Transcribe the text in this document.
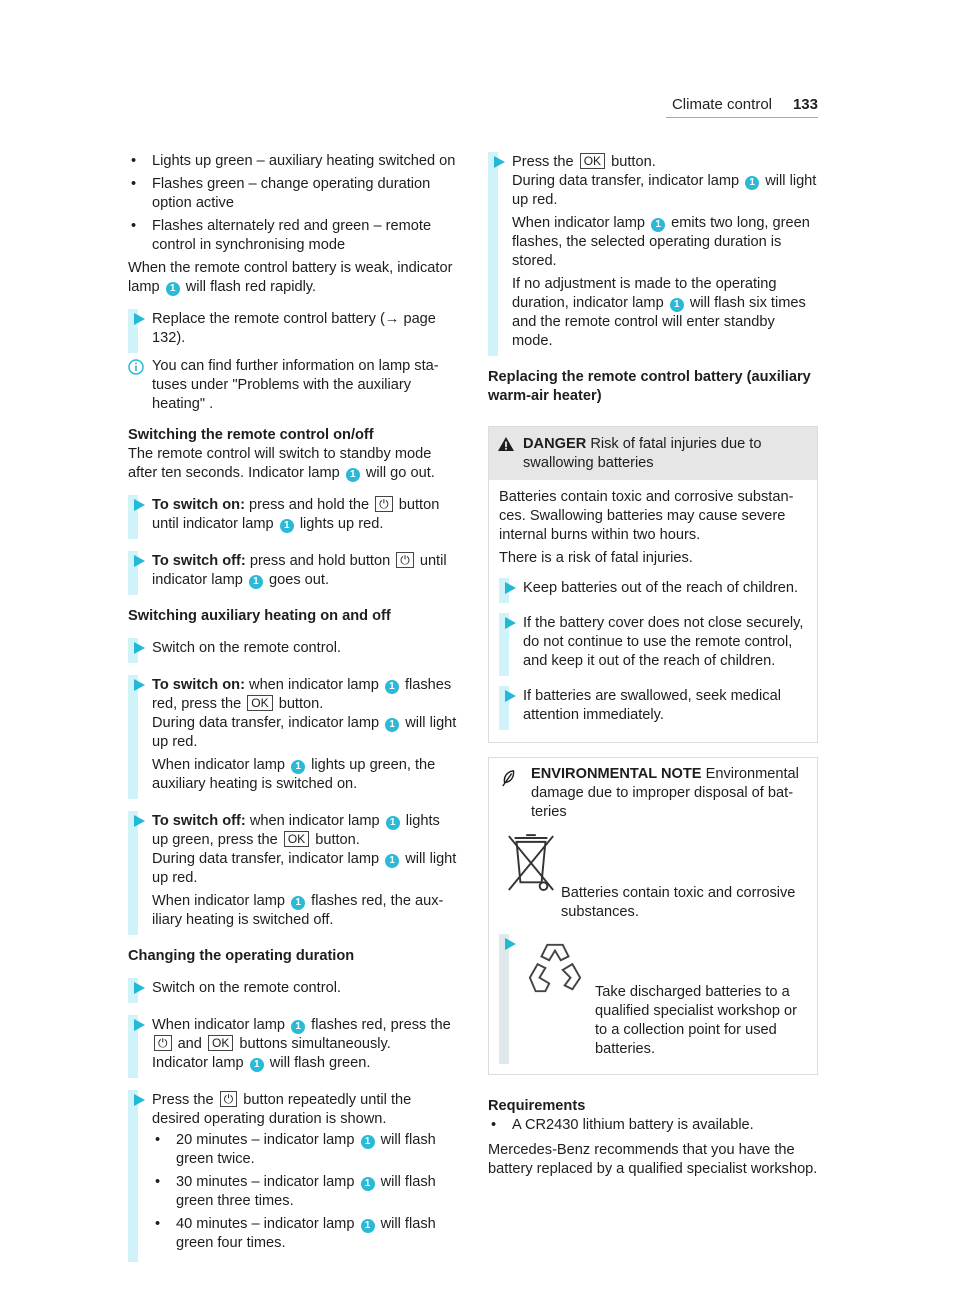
Climate control 133
• Lights up green – auxiliary heating switched on
• Flashes green – change operating duration option active
• Flashes alternately red and green – remote control in synchronising mode

When the remote control battery is weak, indicator lamp 1 will flash red rapidly.

Replace the remote control battery (→ page 132).

You can find further information on lamp statuses under "Problems with the auxiliary heating" .

Switching the remote control on/off

The remote control will switch to standby mode after ten seconds. Indicator lamp 1 will go out.

To switch on: press and hold the ⏻ button until indicator lamp 1 lights up red.

To switch off: press and hold button ⏻ until indicator lamp 1 goes out.

Switching auxiliary heating on and off

Switch on the remote control.

To switch on: when indicator lamp 1 flashes red, press the OK button.
During data transfer, indicator lamp 1 will light up red.

When indicator lamp 1 lights up green, the auxiliary heating is switched on.

To switch off: when indicator lamp 1 lights up green, press the OK button.
During data transfer, indicator lamp 1 will light up red.

When indicator lamp 1 flashes red, the auxiliary heating is switched off.

Changing the operating duration

Switch on the remote control.

When indicator lamp 1 flashes red, press the ⏻ and OK buttons simultaneously.
Indicator lamp 1 will flash green.

Press the ⏻ button repeatedly until the desired operating duration is shown.

• 20 minutes – indicator lamp 1 will flash green twice.
• 30 minutes – indicator lamp 1 will flash green three times.
• 40 minutes – indicator lamp 1 will flash green four times.

Press the OK button.
During data transfer, indicator lamp 1 will light up red.

When indicator lamp 1 emits two long, green flashes, the selected operating duration is stored.

If no adjustment is made to the operating duration, indicator lamp 1 will flash six times and the remote control will enter standby mode.

Replacing the remote control battery (auxiliary warm-air heater)

DANGER Risk of fatal injuries due to swallowing batteries

Batteries contain toxic and corrosive substances. Swallowing batteries may cause severe internal burns within two hours.

There is a risk of fatal injuries.

Keep batteries out of the reach of children.

If the battery cover does not close securely, do not continue to use the remote control, and keep it out of the reach of children.

If batteries are swallowed, seek medical attention immediately.

ENVIRONMENTAL NOTE Environmental damage due to improper disposal of batteries

Batteries contain toxic and corrosive substances.

Take discharged batteries to a qualified specialist workshop or to a collection point for used batteries.

Requirements

• A CR2430 lithium battery is available.

Mercedes-Benz recommends that you have the battery replaced by a qualified specialist workshop.
